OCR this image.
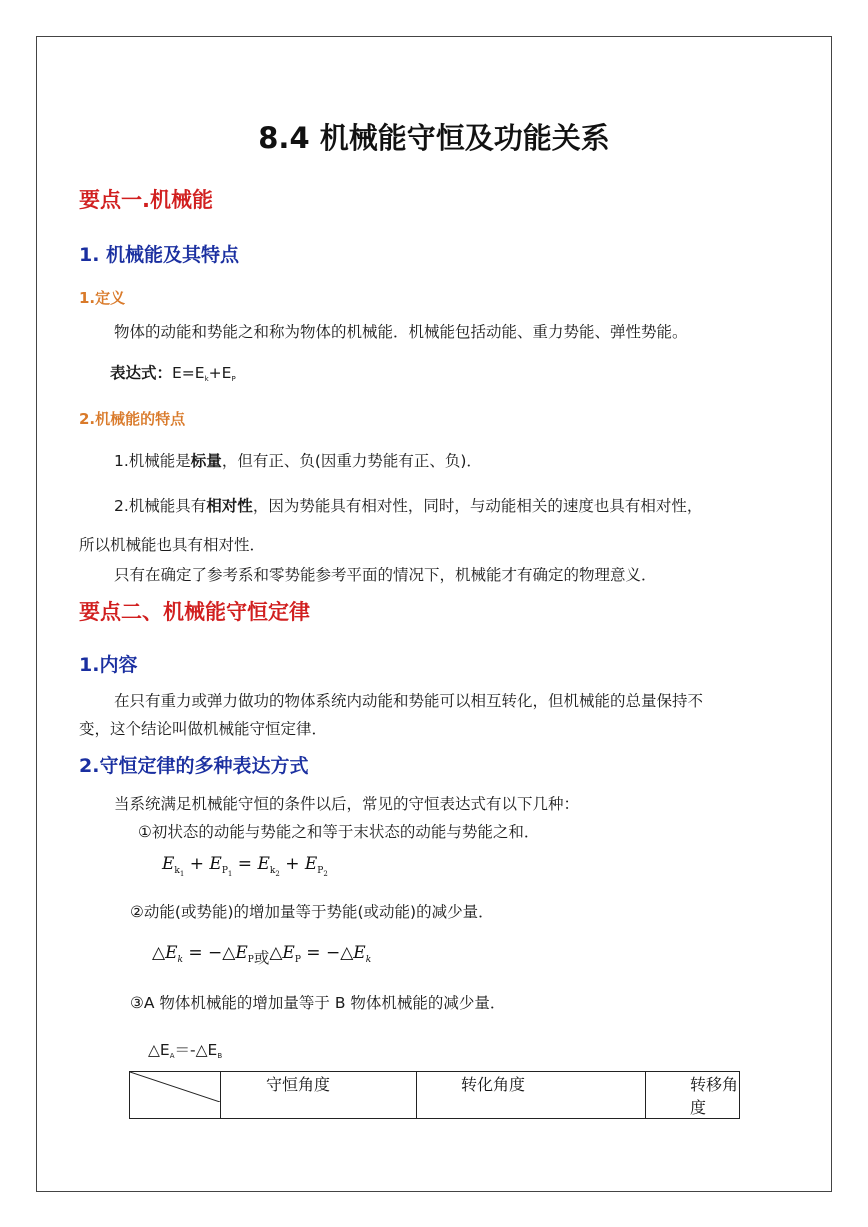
8.4 机械能守恒及功能关系
要点一.机械能
1. 机械能及其特点
1.定义
物体的动能和势能之和称为物体的机械能．机械能包括动能、重力势能、弹性势能。
表达式：E=Ek+EP
2.机械能的特点
1.机械能是标量，但有正、负(因重力势能有正、负)．
2.机械能具有相对性，因为势能具有相对性，同时，与动能相关的速度也具有相对性，
所以机械能也具有相对性．
只有在确定了参考系和零势能参考平面的情况下，机械能才有确定的物理意义．
要点二、机械能守恒定律
1.内容
在只有重力或弹力做功的物体系统内动能和势能可以相互转化，但机械能的总量保持不
变，这个结论叫做机械能守恒定律．
2.守恒定律的多种表达方式
当系统满足机械能守恒的条件以后，常见的守恒表达式有以下几种：
①初状态的动能与势能之和等于末状态的动能与势能之和．
$E_{k_1} + E_{P_1} = E_{k_2} + E_{P_2}$
②动能(或势能)的增加量等于势能(或动能)的减少量．
$\triangle E_k$ = $-\triangle E_P$或$\triangle E_P$ = $-\triangle E_k$
③A 物体机械能的增加量等于 B 物体机械能的减少量．
△EA＝-△EB
	守恒角度	转化角度	转移角度
